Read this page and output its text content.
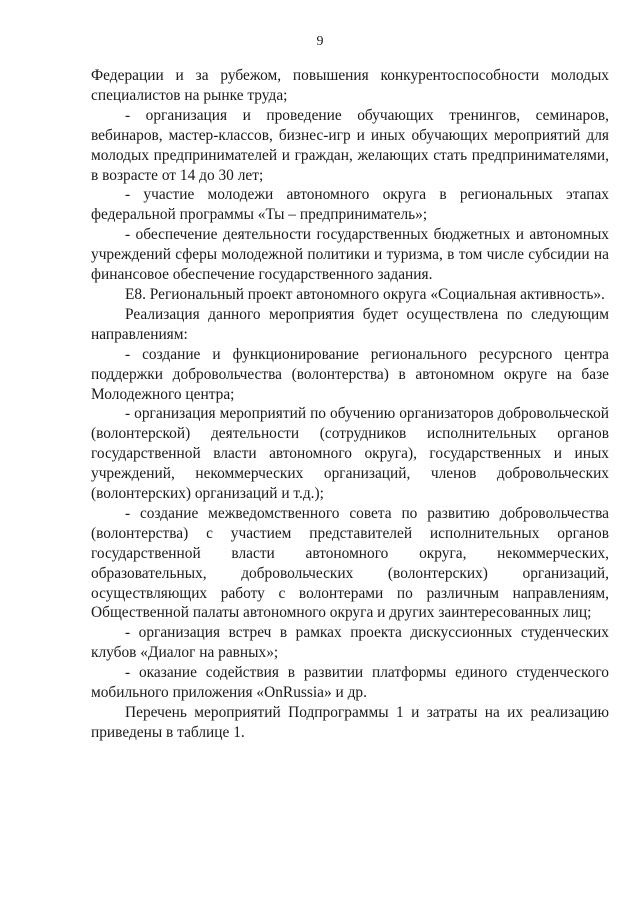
9

Федерации и за рубежом, повышения конкурентоспособности молодых специалистов на рынке труда;

- организация и проведение обучающих тренингов, семинаров, вебинаров, мастер-классов, бизнес-игр и иных обучающих мероприятий для молодых предпринимателей и граждан, желающих стать предпринимателями, в возрасте от 14 до 30 лет;

- участие молодежи автономного округа в региональных этапах федеральной программы «Ты – предприниматель»;

- обеспечение деятельности государственных бюджетных и автономных учреждений сферы молодежной политики и туризма, в том числе субсидии на финансовое обеспечение государственного задания.

Е8. Региональный проект автономного округа «Социальная активность».

Реализация данного мероприятия будет осуществлена по следующим направлениям:

- создание и функционирование регионального ресурсного центра поддержки добровольчества (волонтерства) в автономном округе на базе Молодежного центра;

- организация мероприятий по обучению организаторов добровольческой (волонтерской) деятельности (сотрудников исполнительных органов государственной власти автономного округа), государственных и иных учреждений, некоммерческих организаций, членов добровольческих (волонтерских) организаций и т.д.);

- создание межведомственного совета по развитию добровольчества (волонтерства) с участием представителей исполнительных органов государственной власти автономного округа, некоммерческих, образовательных, добровольческих (волонтерских) организаций, осуществляющих работу с волонтерами по различным направлениям, Общественной палаты автономного округа и других заинтересованных лиц;

- организация встреч в рамках проекта дискуссионных студенческих клубов «Диалог на равных»;

- оказание содействия в развитии платформы единого студенческого мобильного приложения «OnRussia» и др.

Перечень мероприятий Подпрограммы 1 и затраты на их реализацию приведены в таблице 1.
